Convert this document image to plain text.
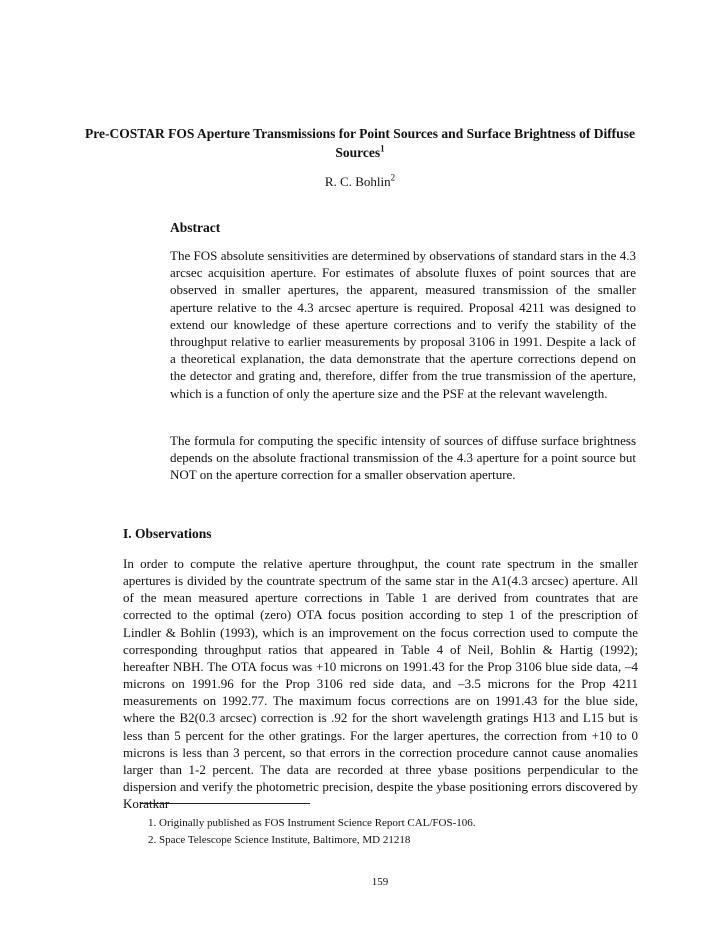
Pre-COSTAR FOS Aperture Transmissions for Point Sources and Surface Brightness of Diffuse Sources$^1$
R. C. Bohlin$^2$
Abstract

The FOS absolute sensitivities are determined by observations of standard stars in the 4.3 arcsec acquisition aperture. For estimates of absolute fluxes of point sources that are observed in smaller apertures, the apparent, measured transmission of the smaller aperture relative to the 4.3 arcsec aperture is required. Proposal 4211 was designed to extend our knowledge of these aperture corrections and to verify the stability of the throughput relative to earlier measurements by proposal 3106 in 1991. Despite a lack of a theoretical explanation, the data demonstrate that the aperture corrections depend on the detector and grating and, therefore, differ from the true transmission of the aperture, which is a function of only the aperture size and the PSF at the relevant wavelength.

The formula for computing the specific intensity of sources of diffuse surface brightness depends on the absolute fractional transmission of the 4.3 aperture for a point source but NOT on the aperture correction for a smaller observation aperture.

I. Observations

In order to compute the relative aperture throughput, the count rate spectrum in the smaller apertures is divided by the countrate spectrum of the same star in the A1(4.3 arcsec) aperture. All of the mean measured aperture corrections in Table 1 are derived from countrates that are corrected to the optimal (zero) OTA focus position according to step 1 of the prescription of Lindler & Bohlin (1993), which is an improvement on the focus correction used to compute the corresponding throughput ratios that appeared in Table 4 of Neil, Bohlin & Hartig (1992); hereafter NBH. The OTA focus was +10 microns on 1991.43 for the Prop 3106 blue side data, –4 microns on 1991.96 for the Prop 3106 red side data, and –3.5 microns for the Prop 4211 measurements on 1992.77. The maximum focus corrections are on 1991.43 for the blue side, where the B2(0.3 arcsec) correction is .92 for the short wavelength gratings H13 and L15 but is less than 5 percent for the other gratings. For the larger apertures, the correction from +10 to 0 microns is less than 3 percent, so that errors in the correction procedure cannot cause anomalies larger than 1-2 percent. The data are recorded at three ybase positions perpendicular to the dispersion and verify the photometric precision, despite the ybase positioning errors discovered by Koratkar

1. Originally published as FOS Instrument Science Report CAL/FOS-106.
2. Space Telescope Science Institute, Baltimore, MD 21218
159
